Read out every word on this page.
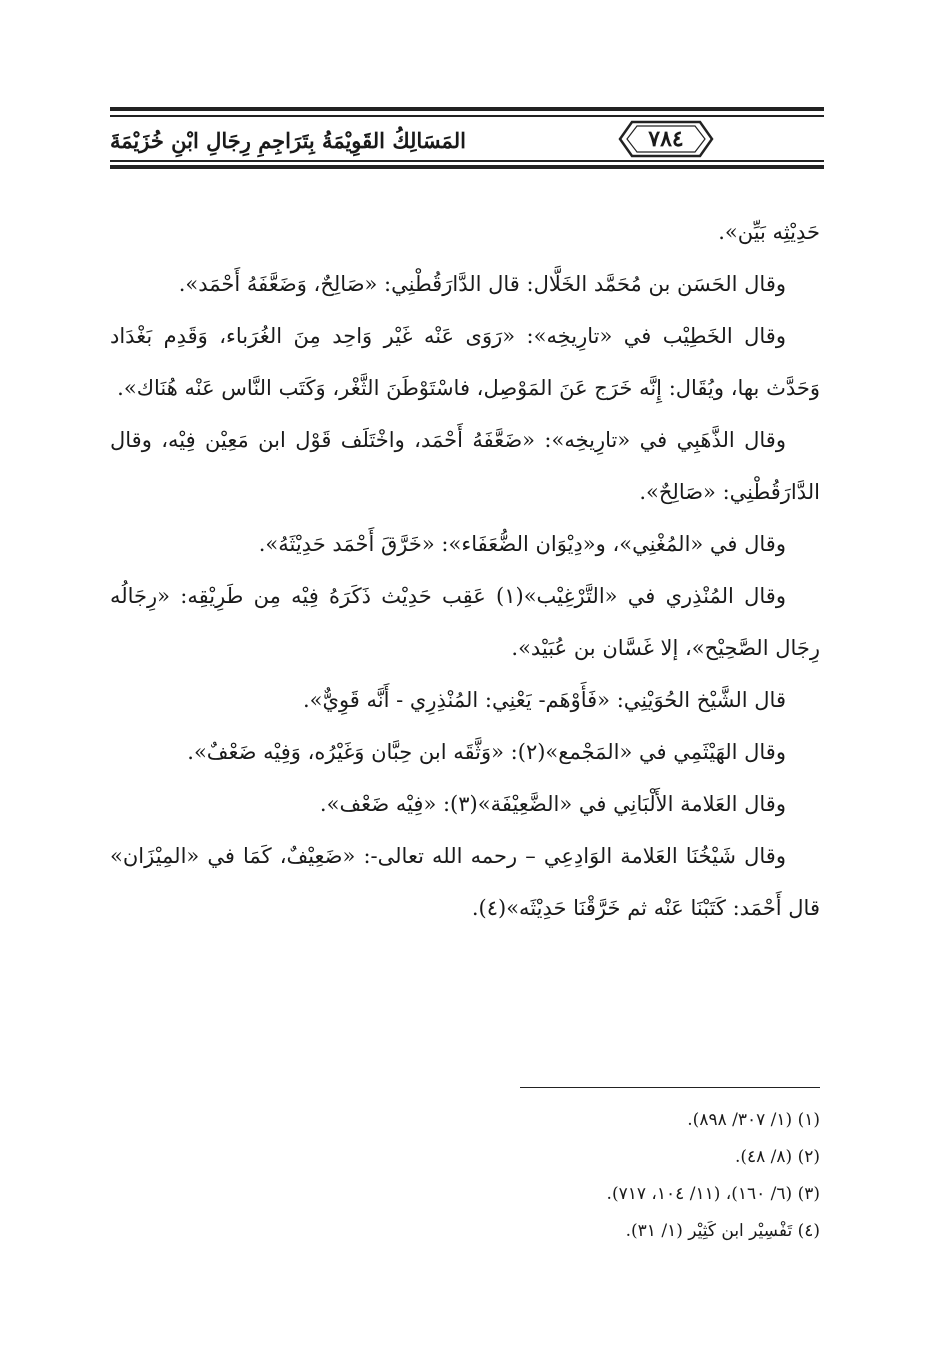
المَسَالِكُ القَوِيْمَةُ بِتَرَاجِمِ رِجَالِ ابْنِ خُزَيْمَةَ	٧٨٤

حَدِيْثِه بَيِّن».

وقال الحَسَن بن مُحَمَّد الخَلَّال: قال الدَّارَقُطْنِي: «صَالِحٌ، وَضَعَّفَهُ أَحْمَد».

وقال الخَطِيْب في «تارِيخِه»: «رَوَى عَنْه غَيْر وَاحِد مِنَ الغُرَباء، وَقَدِم بَغْدَاد وَحَدَّث بها، ويُقَال: إِنَّه خَرَج عَنَ المَوْصِل، فاسْتَوْطَنَ الثَّغْر، وَكَتَب النَّاس عَنْه هُنَاك».

وقال الذَّهَبِي في «تارِيخِه»: «ضَعَّفَهُ أَحْمَد، واخْتَلَف قَوْل ابن مَعِيْن فِيْه، وقال الدَّارَقُطْنِي: «صَالِحٌ».

وقال في «المُغْنِي»، و«دِيْوَان الضُّعَفَاء»: «خَرَّقَ أَحْمَد حَدِيْثَهُ».

وقال المُنْذِري في «التَّرْغِيْب»(١) عَقِب حَدِيْث ذَكَرَهُ فِيْه مِن طَرِيْقِه: «رِجَالُه رِجَال الصَّحِيْح»، إلا غَسَّان بن عُبَيْد».

قال الشَّيْخ الحُوَيْنِي: «فَأَوْهَم- يَعْنِي: المُنْذِرِي - أَنَّه قَوِيٌّ».

وقال الهَيْثَمِي في «المَجْمع»(٢): «وَثَّقَه ابن حِبَّان وَغَيْرُه، وَفِيْه ضَعْفٌ».

وقال العَلامة الأَلْبَانِي في «الضَّعِيْفَة»(٣): «فِيْه ضَعْف».

وقال شَيْخُنَا العَلامة الوَادِعِي – رحمه الله تعالى-: «ضَعِيْفٌ، كَمَا في «المِيْزَان» قال أَحْمَد: كَتَبْنَا عَنْه ثم خَرَّقْنَا حَدِيْثَه»(٤).

(١) (١/ ٣٠٧/ ٨٩٨).

(٢) (٨/ ٤٨).

(٣) (٦/ ١٦٠)، (١١/ ١٠٤، ٧١٧).

(٤) تَفْسِيْر ابن كَثِيْر (١/ ٣١).
